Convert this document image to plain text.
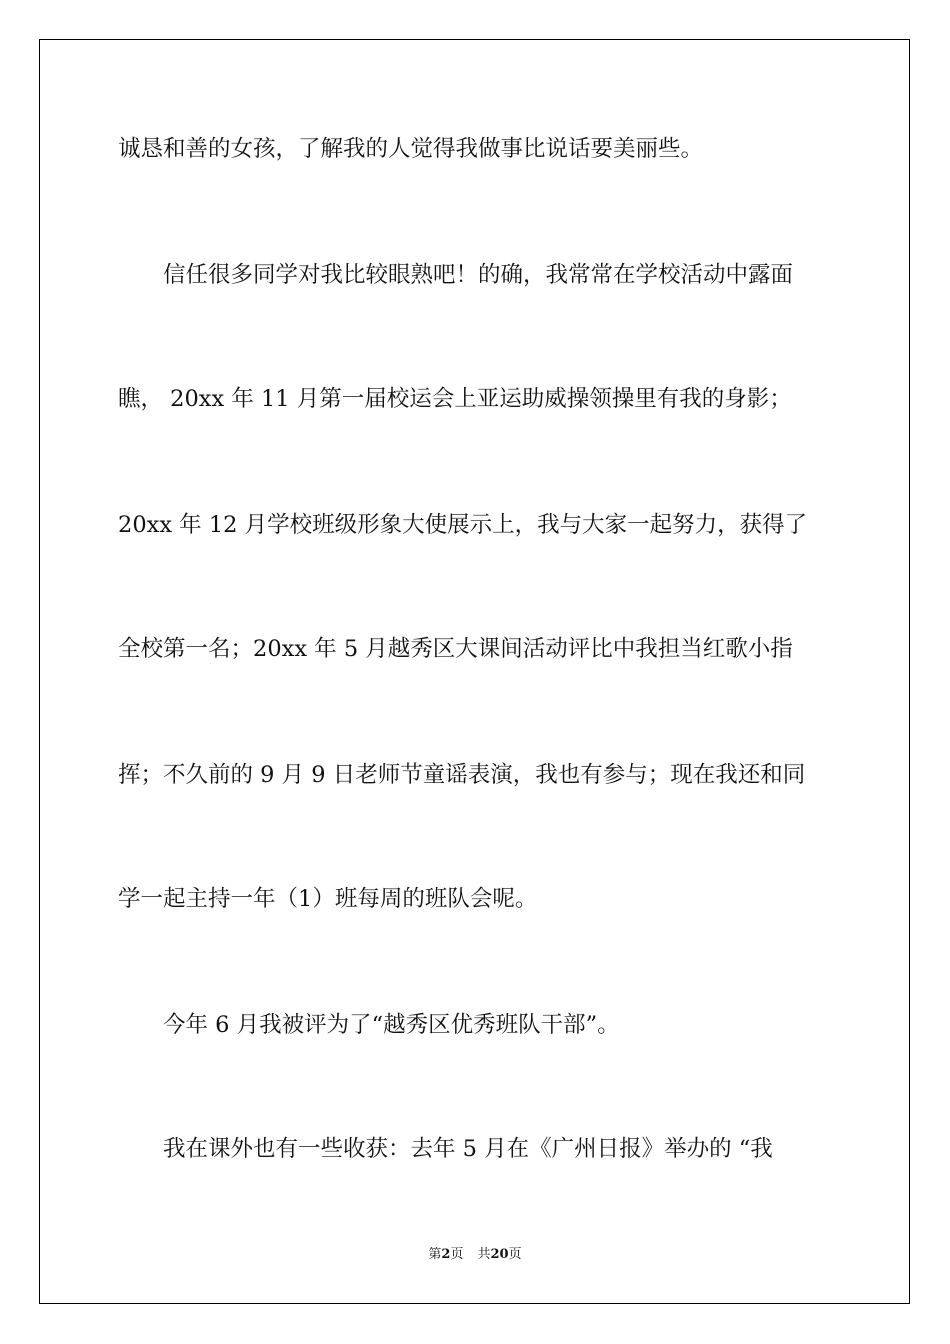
诚恳和善的女孩，了解我的人觉得我做事比说话要美丽些。
信任很多同学对我比较眼熟吧！的确，我常常在学校活动中露面
瞧， 20xx 年 11 月第一届校运会上亚运助威操领操里有我的身影；
20xx 年 12 月学校班级形象大使展示上，我与大家一起努力，获得了
全校第一名；20xx 年 5 月越秀区大课间活动评比中我担当红歌小指
挥；不久前的 9 月 9 日老师节童谣表演，我也有参与；现在我还和同
学一起主持一年（1）班每周的班队会呢。
今年 6 月我被评为了“越秀区优秀班队干部”。
我在课外也有一些收获：去年 5 月在《广州日报》举办的 “我
第2页 共20页
